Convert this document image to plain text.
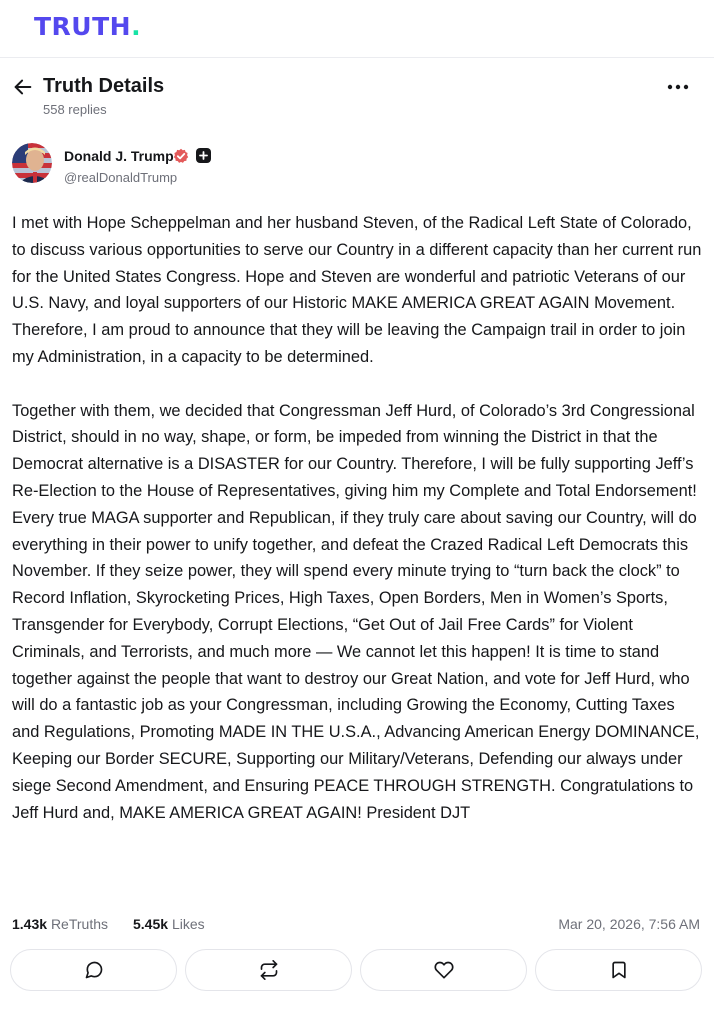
TRUTH.
Truth Details
558 replies
Donald J. Trump
@realDonaldTrump

I met with Hope Scheppelman and her husband Steven, of the Radical Left State of Colorado, to discuss various opportunities to serve our Country in a different capacity than her current run for the United States Congress. Hope and Steven are wonderful and patriotic Veterans of our U.S. Navy, and loyal supporters of our Historic MAKE AMERICA GREAT AGAIN Movement. Therefore, I am proud to announce that they will be leaving the Campaign trail in order to join my Administration, in a capacity to be determined.

Together with them, we decided that Congressman Jeff Hurd, of Colorado’s 3rd Congressional District, should in no way, shape, or form, be impeded from winning the District in that the Democrat alternative is a DISASTER for our Country. Therefore, I will be fully supporting Jeff’s Re-Election to the House of Representatives, giving him my Complete and Total Endorsement! Every true MAGA supporter and Republican, if they truly care about saving our Country, will do everything in their power to unify together, and defeat the Crazed Radical Left Democrats this November. If they seize power, they will spend every minute trying to “turn back the clock” to Record Inflation, Skyrocketing Prices, High Taxes, Open Borders, Men in Women’s Sports, Transgender for Everybody, Corrupt Elections, “Get Out of Jail Free Cards” for Violent Criminals, and Terrorists, and much more — We cannot let this happen! It is time to stand together against the people that want to destroy our Great Nation, and vote for Jeff Hurd, who will do a fantastic job as your Congressman, including Growing the Economy, Cutting Taxes and Regulations, Promoting MADE IN THE U.S.A., Advancing American Energy DOMINANCE, Keeping our Border SECURE, Supporting our Military/Veterans, Defending our always under siege Second Amendment, and Ensuring PEACE THROUGH STRENGTH. Congratulations to Jeff Hurd and, MAKE AMERICA GREAT AGAIN! President DJT

1.43k ReTruths 5.45k Likes	Mar 20, 2026, 7:56 AM
